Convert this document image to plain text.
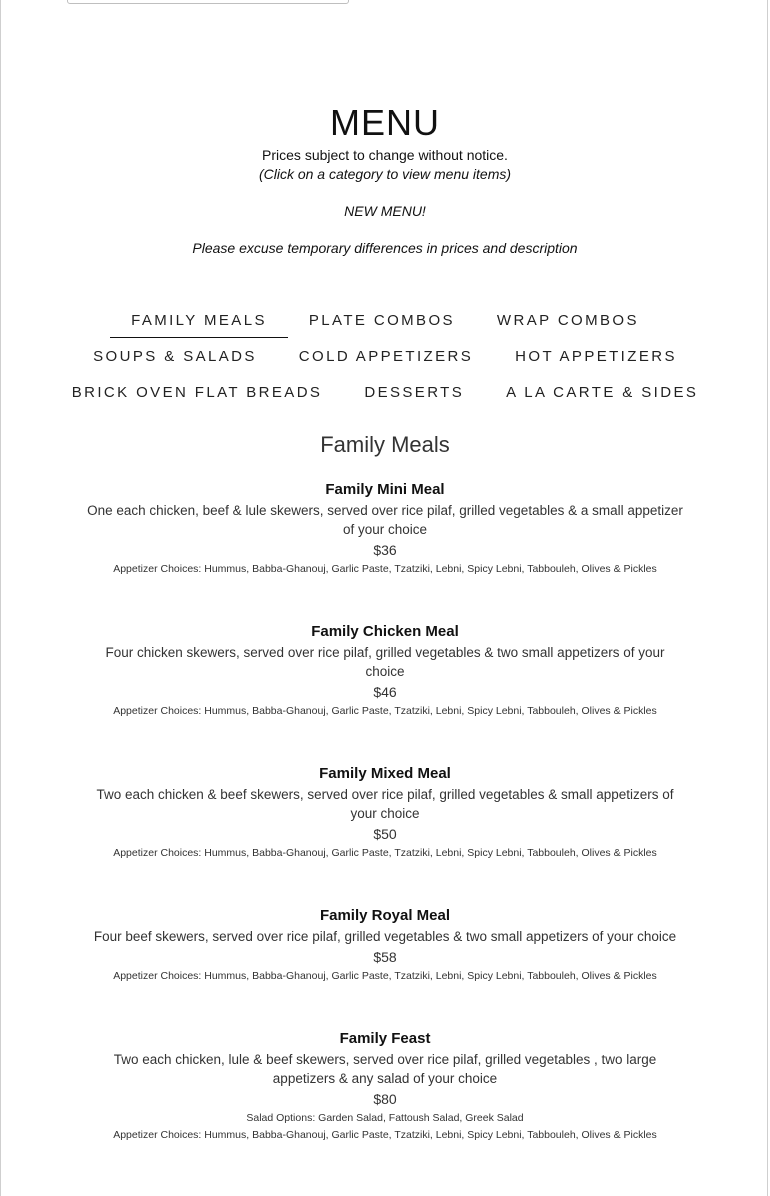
MENU
Prices subject to change without notice.
(Click on a category to view menu items)
NEW MENU!
Please excuse temporary differences in prices and description
FAMILY MEALS	PLATE COMBOS	WRAP COMBOS
SOUPS & SALADS	COLD APPETIZERS	HOT APPETIZERS
BRICK OVEN FLAT BREADS	DESSERTS	A LA CARTE & SIDES
Family Meals
Family Mini Meal
One each chicken, beef & lule skewers, served over rice pilaf, grilled vegetables & a small appetizer of your choice
$36
Appetizer Choices: Hummus, Babba-Ghanouj, Garlic Paste, Tzatziki, Lebni, Spicy Lebni, Tabbouleh, Olives & Pickles
Family Chicken Meal
Four chicken skewers, served over rice pilaf, grilled vegetables & two small appetizers of your choice
$46
Appetizer Choices: Hummus, Babba-Ghanouj, Garlic Paste, Tzatziki, Lebni, Spicy Lebni, Tabbouleh, Olives & Pickles
Family Mixed Meal
Two each chicken & beef skewers, served over rice pilaf, grilled vegetables & small appetizers of your choice
$50
Appetizer Choices: Hummus, Babba-Ghanouj, Garlic Paste, Tzatziki, Lebni, Spicy Lebni, Tabbouleh, Olives & Pickles
Family Royal Meal
Four beef skewers, served over rice pilaf, grilled vegetables & two small appetizers of your choice
$58
Appetizer Choices: Hummus, Babba-Ghanouj, Garlic Paste, Tzatziki, Lebni, Spicy Lebni, Tabbouleh, Olives & Pickles
Family Feast
Two each chicken, lule & beef skewers, served over rice pilaf, grilled vegetables , two large appetizers & any salad of your choice
$80
Salad Options: Garden Salad, Fattoush Salad, Greek Salad
Appetizer Choices: Hummus, Babba-Ghanouj, Garlic Paste, Tzatziki, Lebni, Spicy Lebni, Tabbouleh, Olives & Pickles
